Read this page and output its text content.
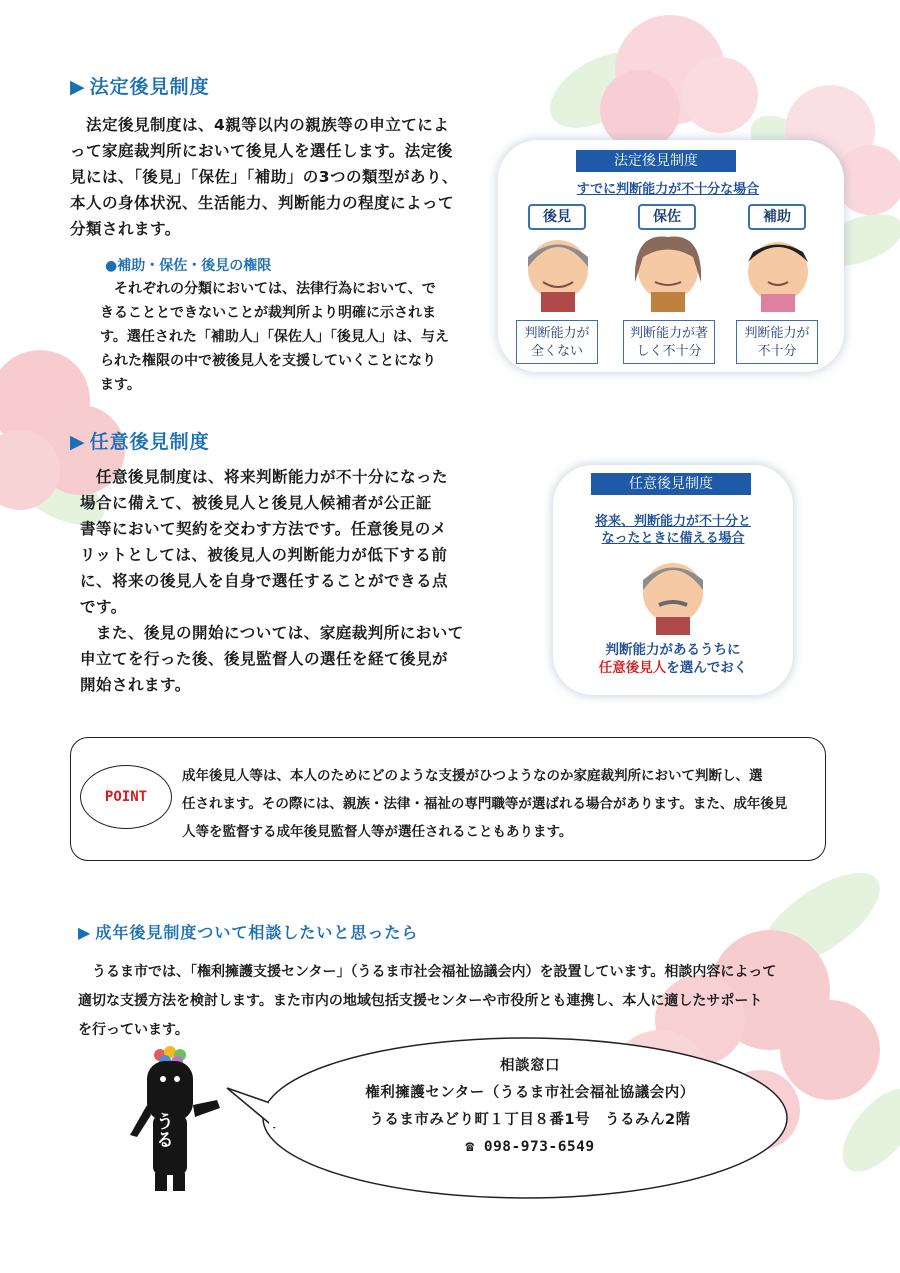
▶ 法定後見制度
　法定後見制度は、4親等以内の親族等の申立てによ
って家庭裁判所において後見人を選任します。法定後
見には、「後見」「保佐」「補助」の3つの類型があり、
本人の身体状況、生活能力、判断能力の程度によって
分類されます。
●補助・保佐・後見の権限
　それぞれの分類においては、法律行為において、で
きることとできないことが裁判所より明確に示されま
す。選任された「補助人」「保佐人」「後見人」は、与え
られた権限の中で被後見人を支援していくことになり
ます。
法定後見制度
すでに判断能力が不十分な場合
後見	保佐	補助
判断能力が
全くない
判断能力が著
しく不十分
判断能力が
不十分
▶ 任意後見制度
　任意後見制度は、将来判断能力が不十分になった
場合に備えて、被後見人と後見人候補者が公正証
書等において契約を交わす方法です。任意後見のメ
リットとしては、被後見人の判断能力が低下する前
に、将来の後見人を自身で選任することができる点
です。
　また、後見の開始については、家庭裁判所において
申立てを行った後、後見監督人の選任を経て後見が
開始されます。
任意後見制度
将来、判断能力が不十分と
なったときに備える場合
判断能力があるうちに
任意後見人を選んでおく
POINT
成年後見人等は、本人のためにどのような支援がひつようなのか家庭裁判所において判断し、選
任されます。その際には、親族・法律・福祉の専門職等が選ばれる場合があります。また、成年後見
人等を監督する成年後見監督人等が選任されることもあります。
▶ 成年後見制度ついて相談したいと思ったら
　うるま市では、「権利擁護支援センター」（うるま市社会福祉協議会内）を設置しています。相談内容によって
適切な支援方法を検討します。また市内の地域包括支援センターや市役所とも連携し、本人に適したサポート
を行っています。
相談窓口
権利擁護センター（うるま市社会福祉協議会内）
うるま市みどり町１丁目８番1号　うるみん2階
☎ 098-973-6549
うる
